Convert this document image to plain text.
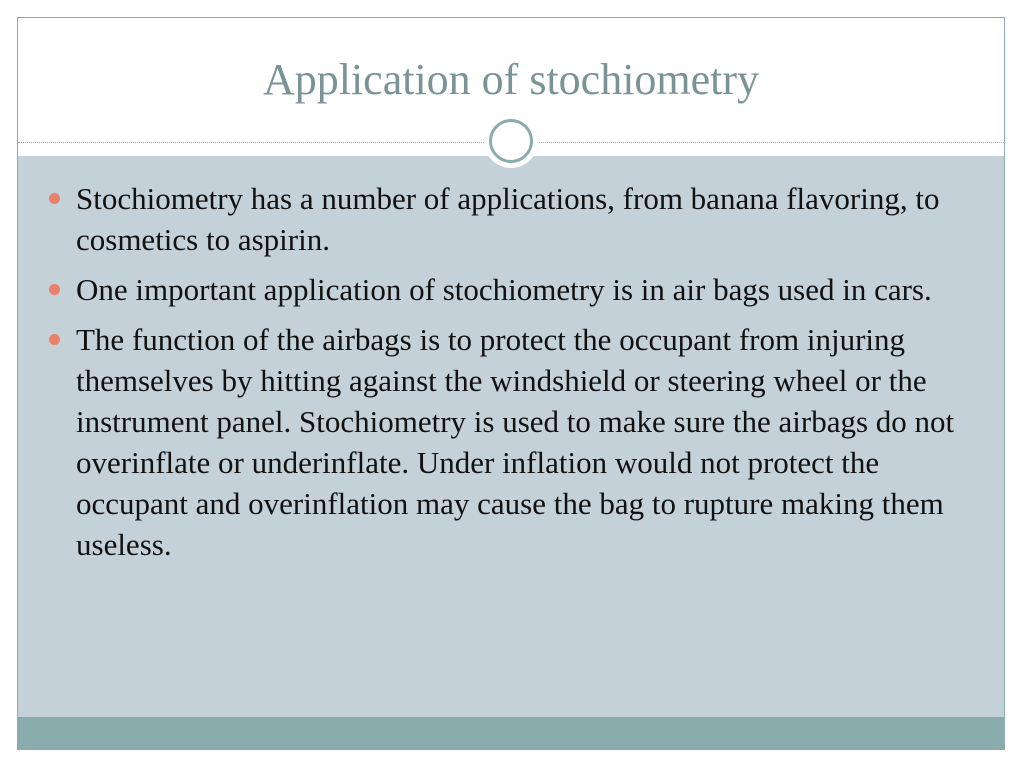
Application of stochiometry
Stochiometry has a number of applications, from banana flavoring, to cosmetics to aspirin.
One important application of stochiometry is in air bags used in cars.
The function of the airbags is to protect the occupant from injuring themselves by hitting against the windshield or steering wheel or the instrument panel. Stochiometry is used to make sure the airbags do not overinflate or underinflate. Under inflation would not protect the occupant and overinflation may cause the bag to rupture making them useless.
